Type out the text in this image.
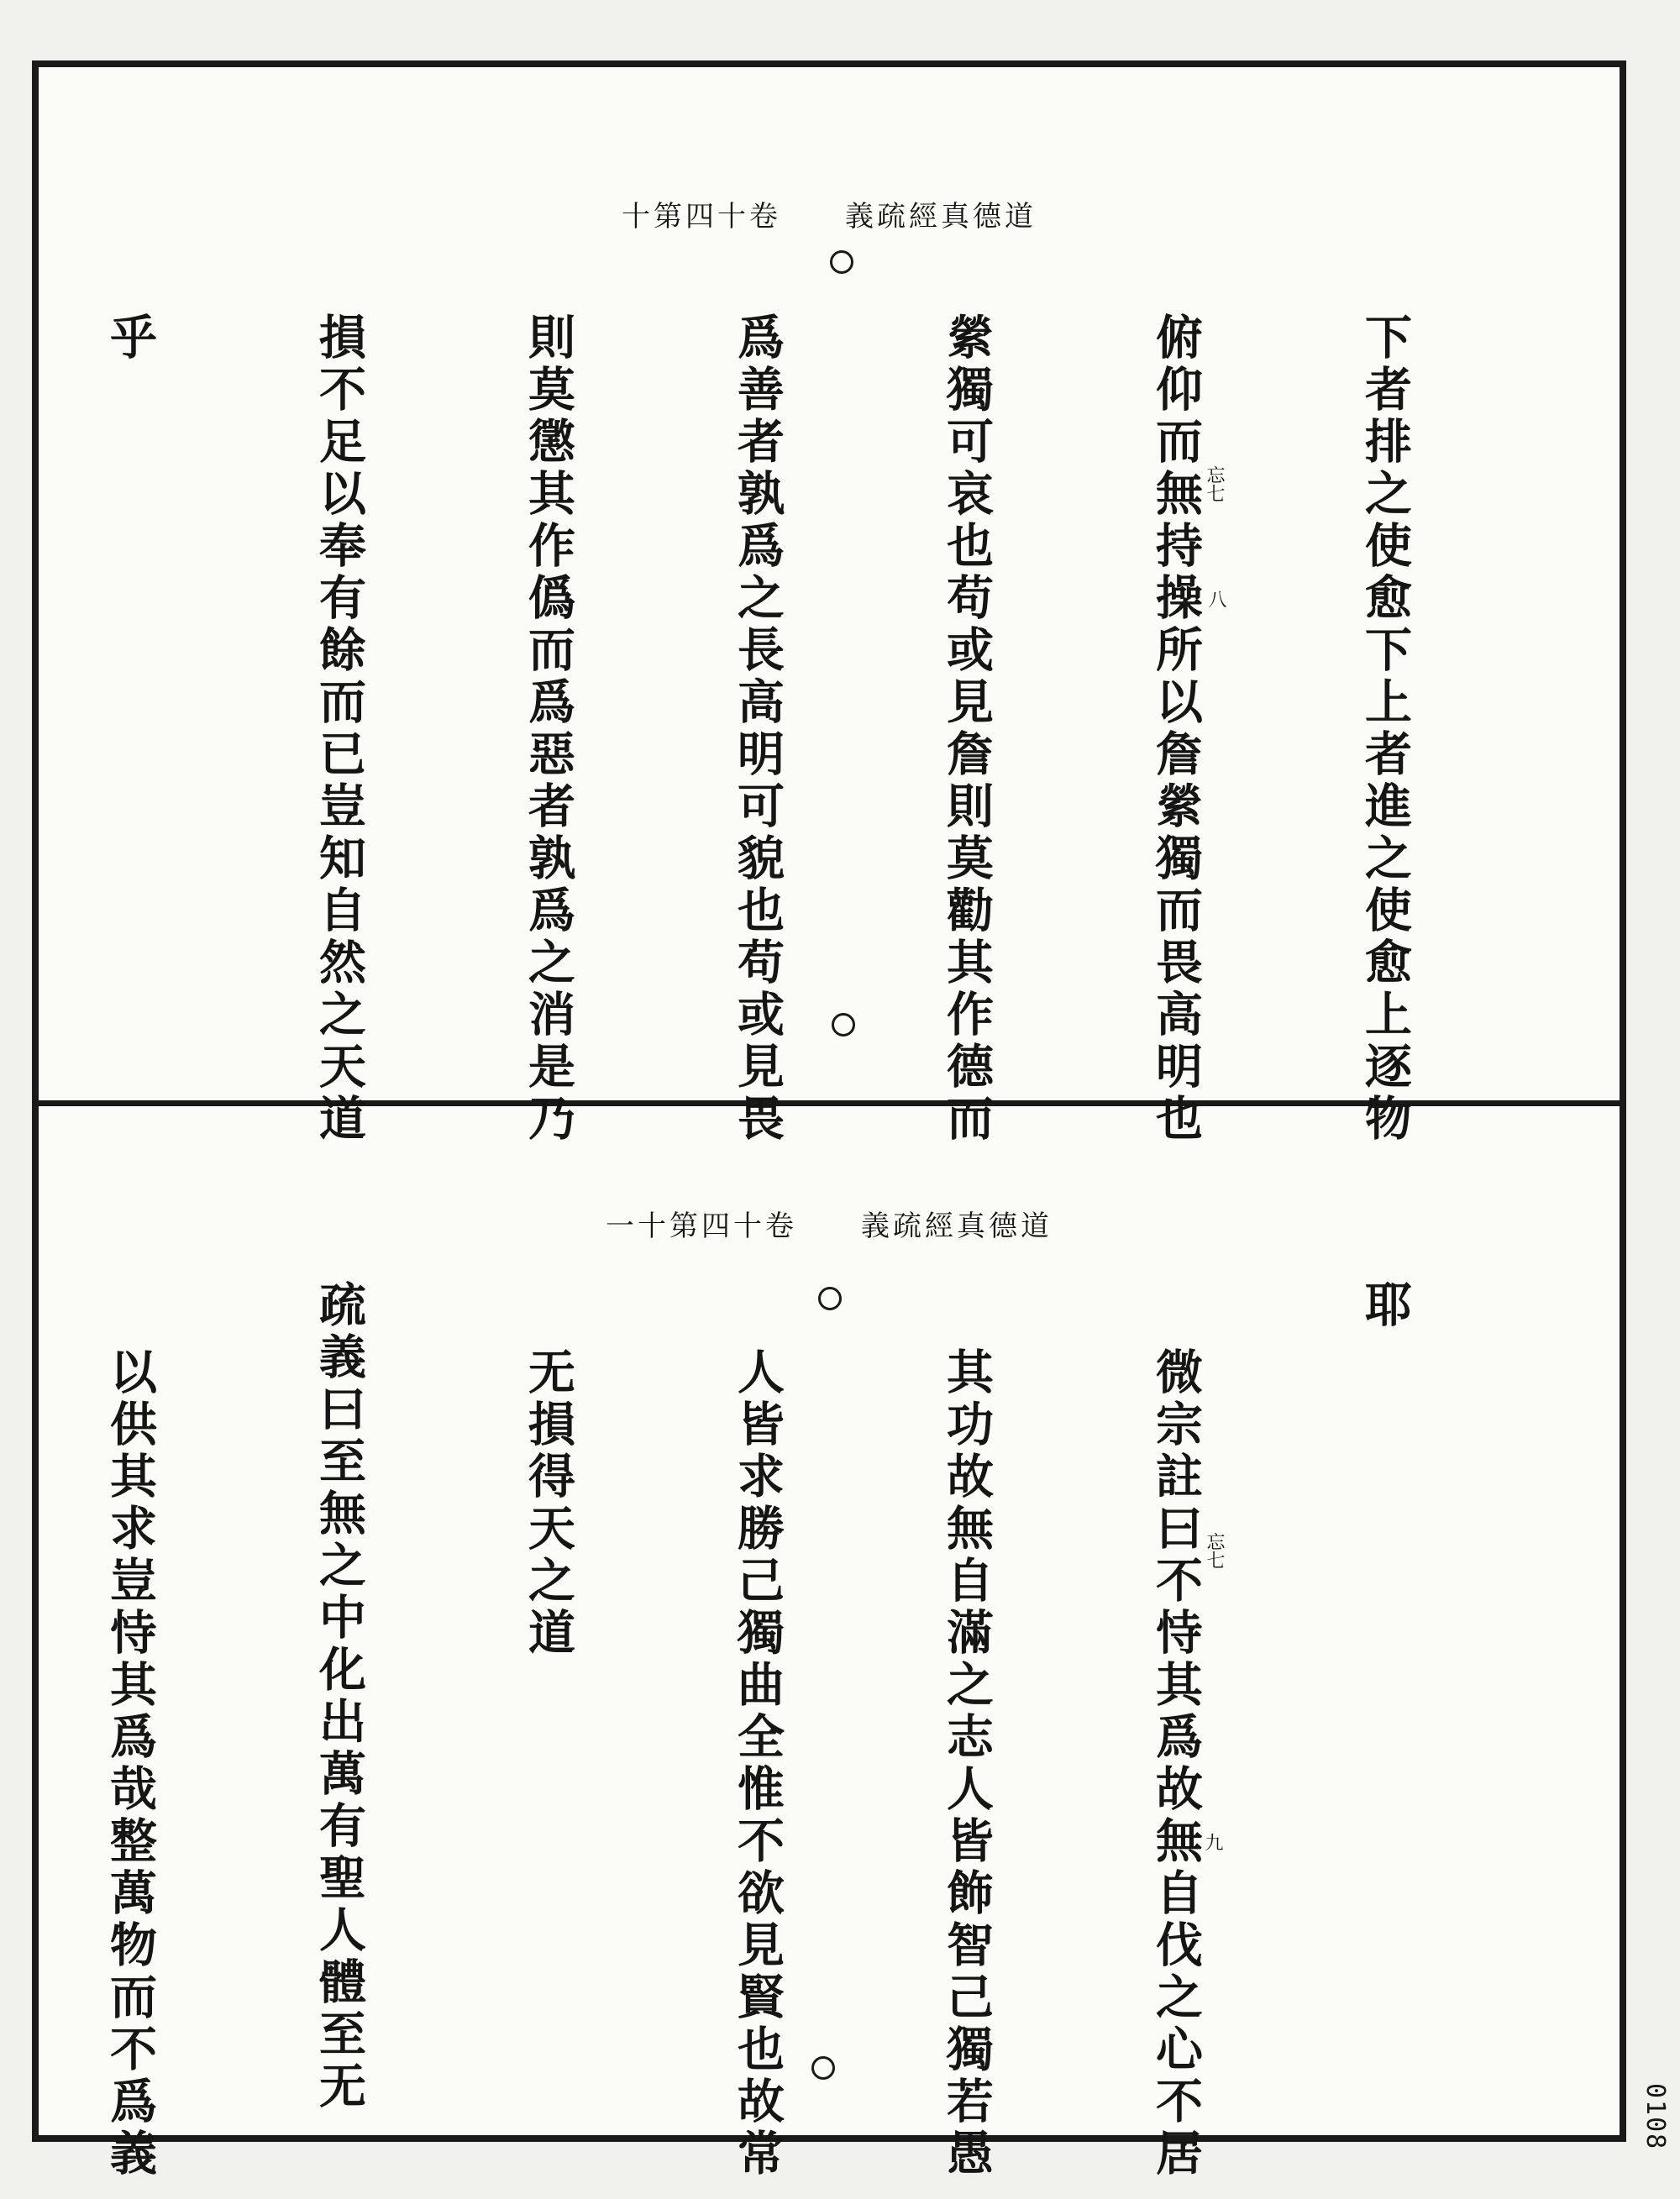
十第四十卷　　義疏經真德道
忘七
八

	下者排之使愈下上者進之使愈上逐物

俯仰而無持操所以詹縈獨而畏高明也

縈獨可哀也苟或見詹則莫勸其作德而

爲善者孰爲之長高明可貌也苟或見畏

則莫懲其作僞而爲惡者孰爲之消是乃

損不足以奉有餘而已豈知自然之天道

乎

一十第四十卷　　義疏經真德道
忘七
九

耶

微宗註曰不恃其爲故無自伐之心不居

其功故無自滿之志人皆飾智己獨若愚

人皆求勝己獨曲全惟不欲見賢也故常

无損得天之道

疏義曰至無之中化出萬有聖人體至无

以供其求豈恃其爲哉整萬物而不爲義

	0108
